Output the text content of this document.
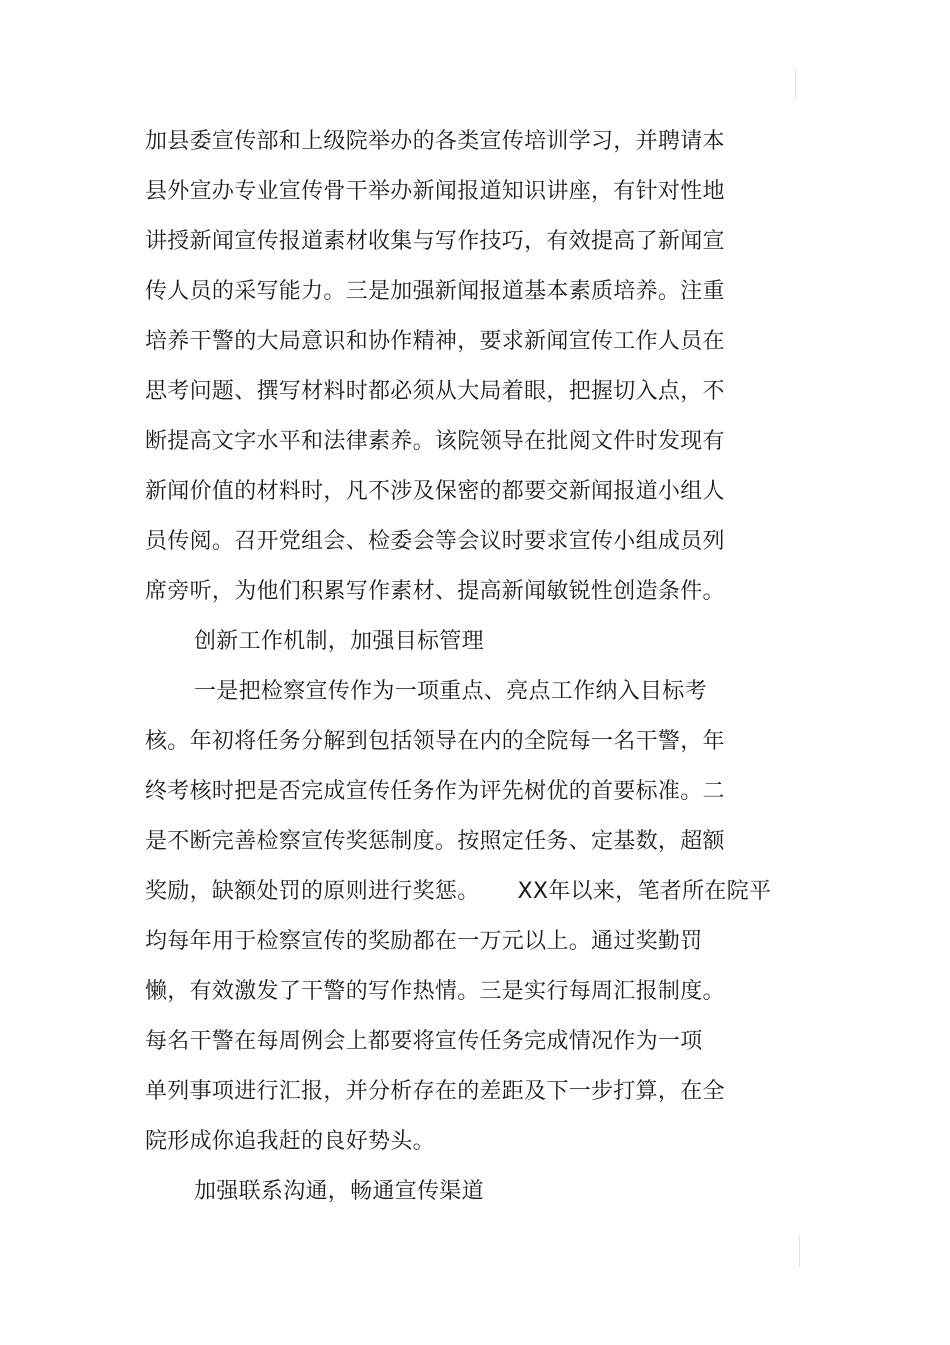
加县委宣传部和上级院举办的各类宣传培训学习，并聘请本
县外宣办专业宣传骨干举办新闻报道知识讲座，有针对性地
讲授新闻宣传报道素材收集与写作技巧，有效提高了新闻宣
传人员的采写能力。三是加强新闻报道基本素质培养。注重
培养干警的大局意识和协作精神，要求新闻宣传工作人员在
思考问题、撰写材料时都必须从大局着眼，把握切入点，不
断提高文字水平和法律素养。该院领导在批阅文件时发现有
新闻价值的材料时，凡不涉及保密的都要交新闻报道小组人
员传阅。召开党组会、检委会等会议时要求宣传小组成员列
席旁听，为他们积累写作素材、提高新闻敏锐性创造条件。
创新工作机制，加强目标管理
一是把检察宣传作为一项重点、亮点工作纳入目标考
核。年初将任务分解到包括领导在内的全院每一名干警，年
终考核时把是否完成宣传任务作为评先树优的首要标准。二
是不断完善检察宣传奖惩制度。按照定任务、定基数，超额
奖励，缺额处罚的原则进行奖惩。 XX年以来，笔者所在院平
均每年用于检察宣传的奖励都在一万元以上。通过奖勤罚
懒，有效激发了干警的写作热情。三是实行每周汇报制度。
每名干警在每周例会上都要将宣传任务完成情况作为一项
单列事项进行汇报，并分析存在的差距及下一步打算，在全
院形成你追我赶的良好势头。
加强联系沟通，畅通宣传渠道
